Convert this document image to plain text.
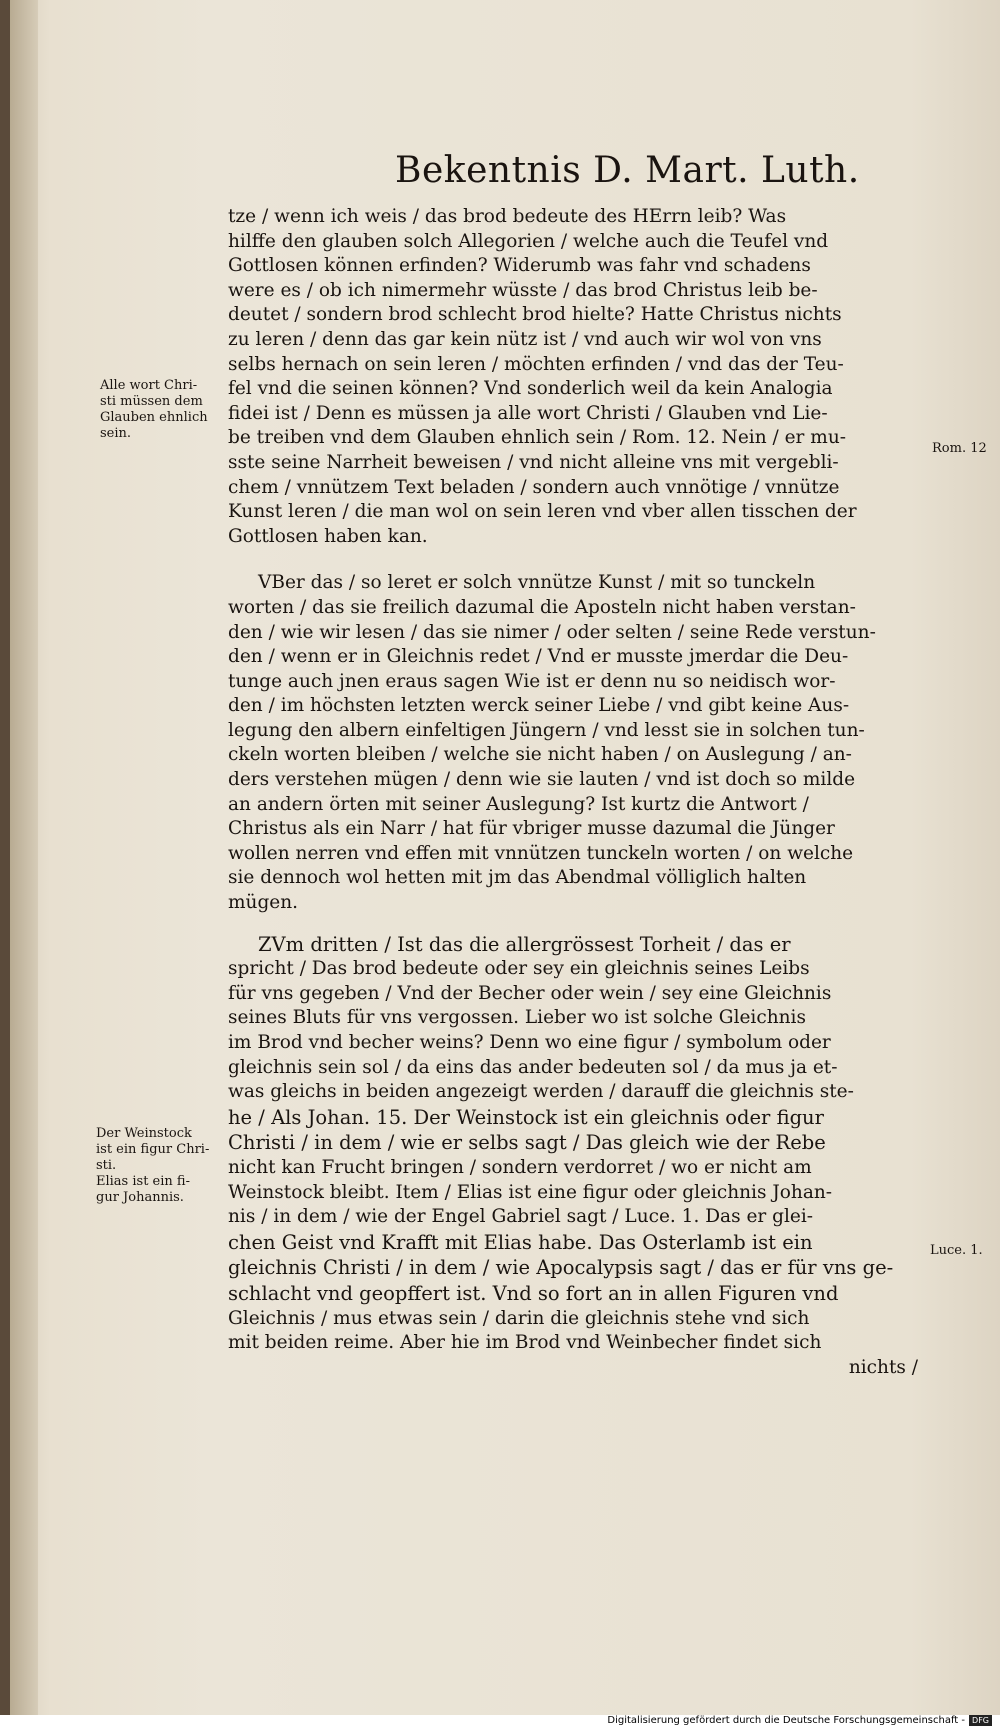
Bekentnis D. Mart. Luth.
tze / wenn ich weis / das brod bedeute des HErrn leib? Was
hilffe den glauben solch Allegorien / welche auch die Teufel vnd
Gottlosen können erfinden? Widerumb was fahr vnd schadens
were es / ob ich nimermehr wüsste / das brod Christus leib be-
deutet / sondern brod schlecht brod hielte? Hatte Christus nichts
zu leren / denn das gar kein nütz ist / vnd auch wir wol von vns
selbs hernach on sein leren / möchten erfinden / vnd das der Teu-
fel vnd die seinen können? Vnd sonderlich weil da kein Analogia
fidei ist / Denn es müssen ja alle wort Christi / Glauben vnd Lie-
be treiben vnd dem Glauben ehnlich sein / Rom. 12. Nein / er mu-
sste seine Narrheit beweisen / vnd nicht alleine vns mit vergebli-
chem / vnnützem Text beladen / sondern auch vnnötige / vnnütze
Kunst leren / die man wol on sein leren vnd vber allen tisschen der
Gottlosen haben kan.
VBer das / so leret er solch vnnütze Kunst / mit so tunckeln
worten / das sie freilich dazumal die Aposteln nicht haben verstan-
den / wie wir lesen / das sie nimer / oder selten / seine Rede verstun-
den / wenn er in Gleichnis redet / Vnd er musste jmerdar die Deu-
tunge auch jnen eraus sagen Wie ist er denn nu so neidisch wor-
den / im höchsten letzten werck seiner Liebe / vnd gibt keine Aus-
legung den albern einfeltigen Jüngern / vnd lesst sie in solchen tun-
ckeln worten bleiben / welche sie nicht haben / on Auslegung / an-
ders verstehen mügen / denn wie sie lauten / vnd ist doch so milde
an andern örten mit seiner Auslegung? Ist kurtz die Antwort /
Christus als ein Narr / hat für vbriger musse dazumal die Jünger
wollen nerren vnd effen mit vnnützen tunckeln worten / on welche
sie dennoch wol hetten mit jm das Abendmal völliglich halten
mügen.
ZVm dritten / Ist das die allergrössest Torheit / das er
spricht / Das brod bedeute oder sey ein gleichnis seines Leibs
für vns gegeben / Vnd der Becher oder wein / sey eine Gleichnis
seines Bluts für vns vergossen. Lieber wo ist solche Gleichnis
im Brod vnd becher weins? Denn wo eine figur / symbolum oder
gleichnis sein sol / da eins das ander bedeuten sol / da mus ja et-
was gleichs in beiden angezeigt werden / darauff die gleichnis ste-
he / Als Johan. 15. Der Weinstock ist ein gleichnis oder figur
Christi / in dem / wie er selbs sagt / Das gleich wie der Rebe
nicht kan Frucht bringen / sondern verdorret / wo er nicht am
Weinstock bleibt. Item / Elias ist eine figur oder gleichnis Johan-
nis / in dem / wie der Engel Gabriel sagt / Luce. 1. Das er glei-
chen Geist vnd Krafft mit Elias habe. Das Osterlamb ist ein
gleichnis Christi / in dem / wie Apocalypsis sagt / das er für vns ge-
schlacht vnd geopffert ist. Vnd so fort an in allen Figuren vnd
Gleichnis / mus etwas sein / darin die gleichnis stehe vnd sich
mit beiden reime. Aber hie im Brod vnd Weinbecher findet sich
nichts /
Alle wort Chri-
sti müssen dem
Glauben ehnlich
sein.
Rom. 12
Der Weinstock
ist ein figur Chri-
sti.
Elias ist ein fi-
gur Johannis.
Luce. 1.
Digitalisierung gefördert durch die Deutsche Forschungsgemeinschaft - DFG
